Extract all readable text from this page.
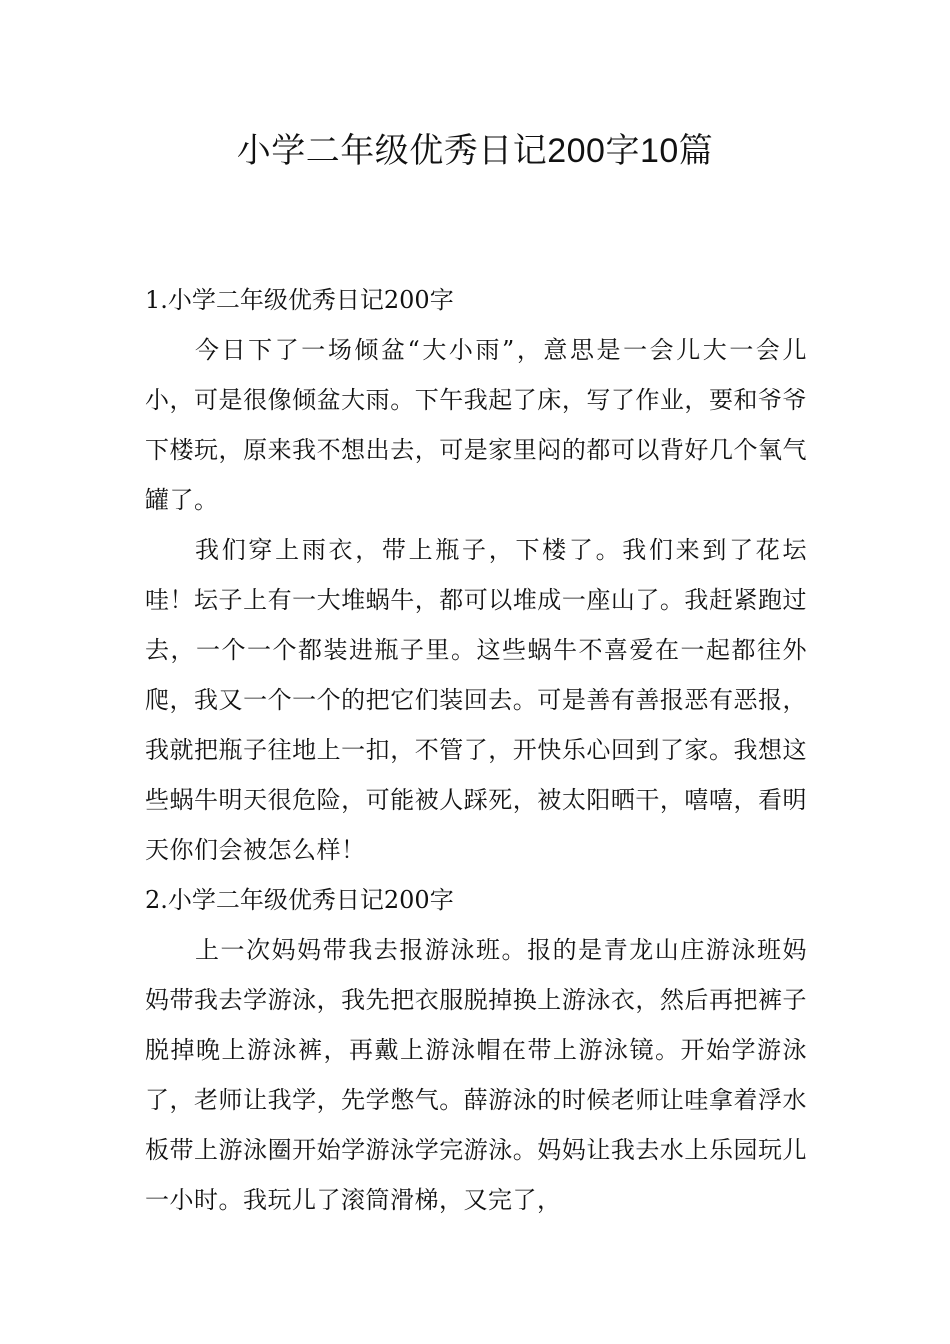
小学二年级优秀日记200字10篇
1.小学二年级优秀日记200字

今日下了一场倾盆“大小雨”，意思是一会儿大一会儿小，可是很像倾盆大雨。下午我起了床，写了作业，要和爷爷下楼玩，原来我不想出去，可是家里闷的都可以背好几个氧气罐了。

我们穿上雨衣，带上瓶子，下楼了。我们来到了花坛哇！坛子上有一大堆蜗牛，都可以堆成一座山了。我赶紧跑过去，一个一个都装进瓶子里。这些蜗牛不喜爱在一起都往外爬，我又一个一个的把它们装回去。可是善有善报恶有恶报，我就把瓶子往地上一扣，不管了，开快乐心回到了家。我想这些蜗牛明天很危险，可能被人踩死，被太阳晒干，嘻嘻，看明天你们会被怎么样！

2.小学二年级优秀日记200字

上一次妈妈带我去报游泳班。报的是青龙山庄游泳班妈妈带我去学游泳，我先把衣服脱掉换上游泳衣，然后再把裤子脱掉晚上游泳裤，再戴上游泳帽在带上游泳镜。开始学游泳了，老师让我学，先学憋气。薛游泳的时候老师让哇拿着浮水板带上游泳圈开始学游泳学完游泳。妈妈让我去水上乐园玩儿一小时。我玩儿了滚筒滑梯，又完了，
